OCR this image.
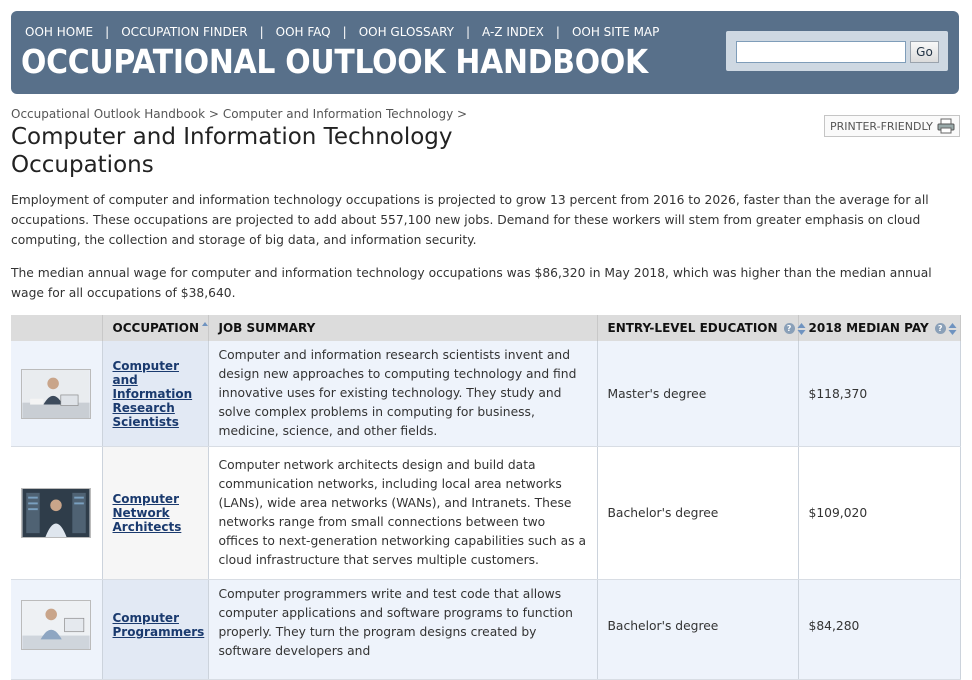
OOH HOME | OCCUPATION FINDER | OOH FAQ | OOH GLOSSARY | A-Z INDEX | OOH SITE MAP
OCCUPATIONAL OUTLOOK HANDBOOK	Go
Occupational Outlook Handbook > Computer and Information Technology >
Computer and Information Technology Occupations
PRINTER-FRIENDLY

Employment of computer and information technology occupations is projected to grow 13 percent from 2016 to 2026, faster than the average for all occupations. These occupations are projected to add about 557,100 new jobs. Demand for these workers will stem from greater emphasis on cloud computing, the collection and storage of big data, and information security.

The median annual wage for computer and information technology occupations was $86,320 in May 2018, which was higher than the median annual wage for all occupations of $38,640.

	OCCUPATION	JOB SUMMARY	ENTRY-LEVEL EDUCATION ?	2018 MEDIAN PAY ?

Computer and Information Research Scientists	Computer and information research scientists invent and design new approaches to computing technology and find innovative uses for existing technology. They study and solve complex problems in computing for business, medicine, science, and other fields.	Master's degree	$118,370

Computer Network Architects	Computer network architects design and build data communication networks, including local area networks (LANs), wide area networks (WANs), and Intranets. These networks range from small connections between two offices to next-generation networking capabilities such as a cloud infrastructure that serves multiple customers.	Bachelor's degree	$109,020

Computer Programmers	Computer programmers write and test code that allows computer applications and software programs to function properly. They turn the program designs created by software developers and	Bachelor's degree	$84,280
